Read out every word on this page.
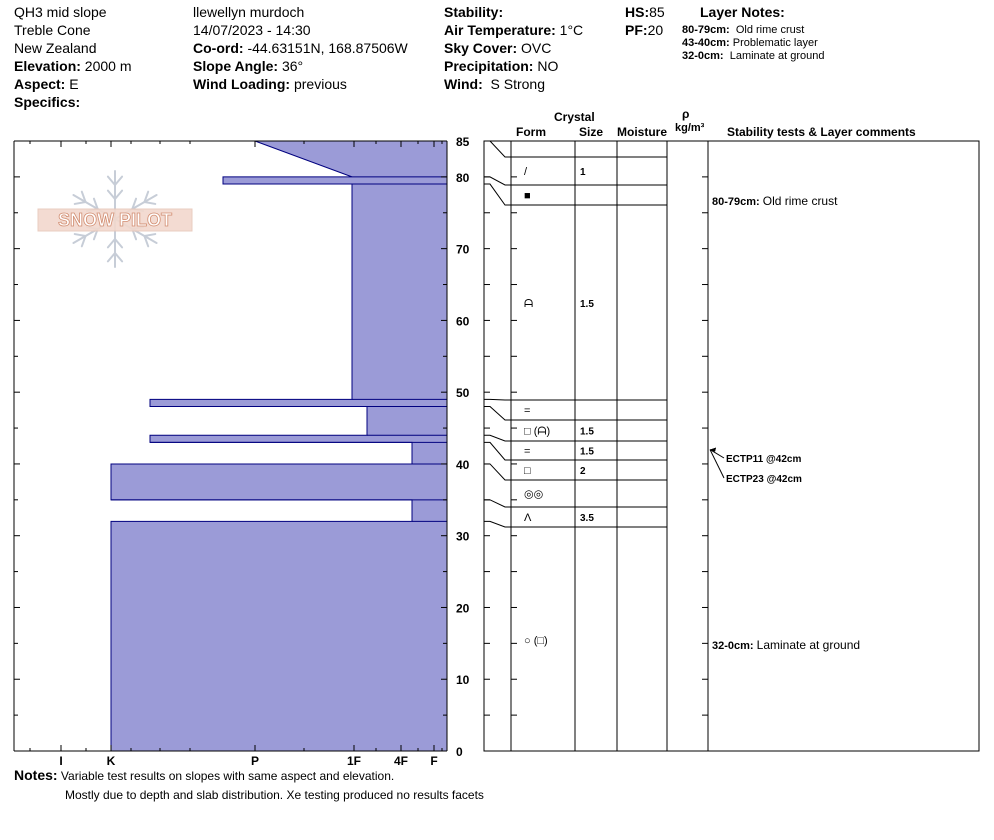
QH3 mid slope
Treble Cone
New Zealand
Elevation: 2000 m
Aspect: E
Specifics:
llewellyn murdoch
14/07/2023 - 14:30
Co-ord: -44.63151N, 168.87506W
Slope Angle: 36°
Wind Loading: previous
Stability:
Air Temperature: 1°C
Sky Cover: OVC
Precipitation: NO
Wind: S Strong
HS:85
PF:20
Layer Notes:
80-79cm: Old rime crust
43-40cm: Problematic layer
32-0cm: Laminate at ground
Crystal
Form	Size Moisture
ρ
kg/m³ Stability tests & Layer comments
SNOW PILOT
0
10
20
30
40
50
60
70
80
85
I	K	P	1F	4F F
/	1
■
ᗩ	1.5
=
□ (ᗩ)	1.5
=	1.5
□	2
◎◎
Ʌ	3.5
○ (□)
80-79cm: Old rime crust
32-0cm: Laminate at ground
ECTP11 @42cm
ECTP23 @42cm
Notes: Variable test results on slopes with same aspect and elevation.
Mostly due to depth and slab distribution. Xe testing produced no results facets
